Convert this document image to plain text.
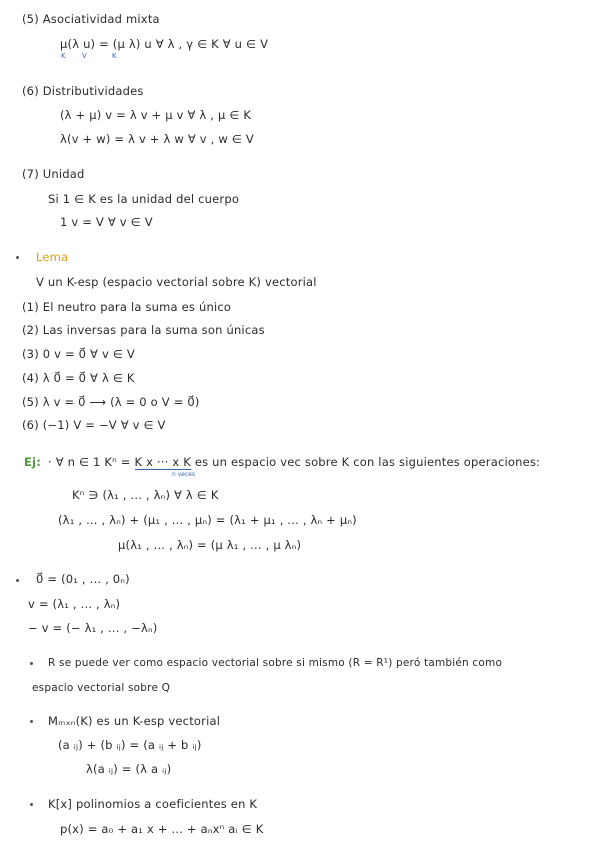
(5) Asociatividad mixta
μ(λ u) = (μ λ) u ∀ λ , γ ∈ K ∀ u ∈ V
K V	K
(6) Distributividades
(λ + μ) v = λ v + μ v ∀ λ , μ ∈ K
λ(v + w) = λ v + λ w ∀ v , w ∈ V
(7) Unidad
Si 1 ∈ K es la unidad del cuerpo
1 v = V ∀ v ∈ V
Lema
V un K-esp (espacio vectorial sobre K) vectorial
(1) El neutro para la suma es único
(2) Las inversas para la suma son únicas
(3) 0 v = 0⃗ ∀ v ∈ V
(4) λ 0⃗ = 0⃗ ∀ λ ∈ K
(5) λ v = 0⃗ ⟶ (λ = 0 o V = 0⃗)
(6) (−1) V = −V ∀ v ∈ V
Ej: · ∀ n ∈ 1 Kⁿ = K x ··· x K es un espacio vec sobre K con las siguientes operaciones:
n veces
Kⁿ ∋ (λ₁ , ... , λₙ) ∀ λ ∈ K
(λ₁ , ... , λₙ) + (μ₁ , ... , μₙ) = (λ₁ + μ₁ , ... , λₙ + μₙ)
μ(λ₁ , ... , λₙ) = (μ λ₁ , ... , μ λₙ)
0⃗ = (0₁ , ... , 0ₙ)
v = (λ₁ , ... , λₙ)
− v = (− λ₁ , ... , −λₙ)
R se puede ver como espacio vectorial sobre si mismo (R = R¹) peró también como
espacio vectorial sobre Q
Mₘₓₙ(K) es un K-esp vectorial
(a ᵢⱼ) + (b ᵢⱼ) = (a ᵢⱼ + b ᵢⱼ)
λ(a ᵢⱼ) = (λ a ᵢⱼ)
K[x] polinomios a coeficientes en K
p(x) = a₀ + a₁ x + ... + aₙxⁿ aᵢ ∈ K
